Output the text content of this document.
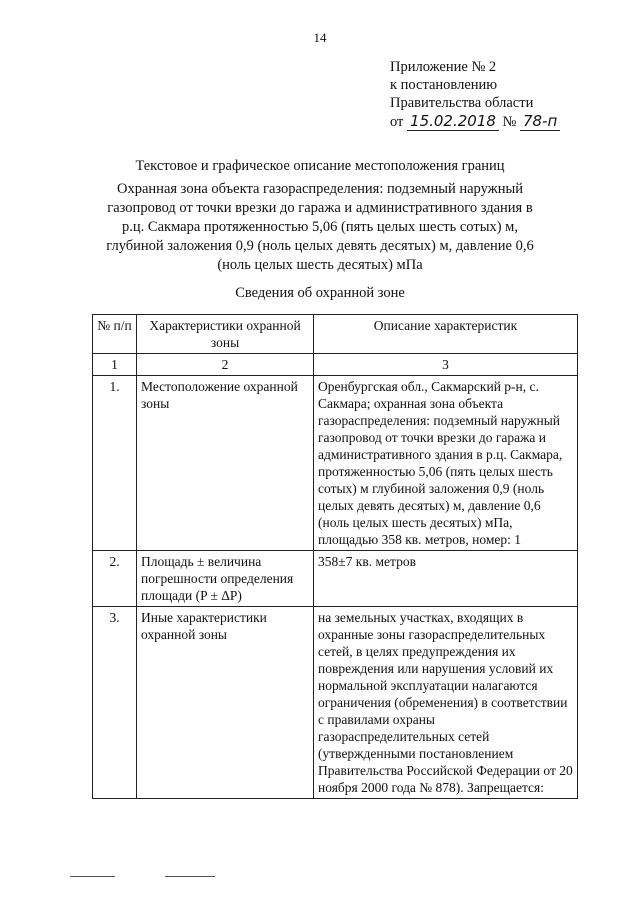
14
Приложение № 2
к постановлению
Правительства области
от 15.02.2018 № 78-п
Текстовое и графическое описание местоположения границ
Охранная зона объекта газораспределения: подземный наружный газопровод от точки врезки до гаража и административного здания в р.ц. Сакмара протяженностью 5,06 (пять целых шесть сотых) м, глубиной заложения 0,9 (ноль целых девять десятых) м, давление 0,6 (ноль целых шесть десятых) мПа
Сведения об охранной зоне
№ п/п	Характеристики охранной зоны	Описание характеристик
1	2	3
1.	Местоположение охранной зоны	Оренбургская обл., Сакмарский р-н, с. Сакмара; охранная зона объекта газораспределения: подземный наружный газопровод от точки врезки до гаража и административного здания в р.ц. Сакмара, протяженностью 5,06 (пять целых шесть сотых) м глубиной заложения 0,9 (ноль целых девять десятых) м, давление 0,6 (ноль целых шесть десятых) мПа, площадью 358 кв. метров, номер: 1
2.	Площадь ± величина погрешности определения площади (P ± ΔP)	358±7 кв. метров
3.	Иные характеристики охранной зоны	на земельных участках, входящих в охранные зоны газораспределительных сетей, в целях предупреждения их повреждения или нарушения условий их нормальной эксплуатации налагаются ограничения (обременения) в соответствии с правилами охраны газораспределительных сетей (утвержденными постановлением Правительства Российской Федерации от 20 ноября 2000 года № 878). Запрещается:
